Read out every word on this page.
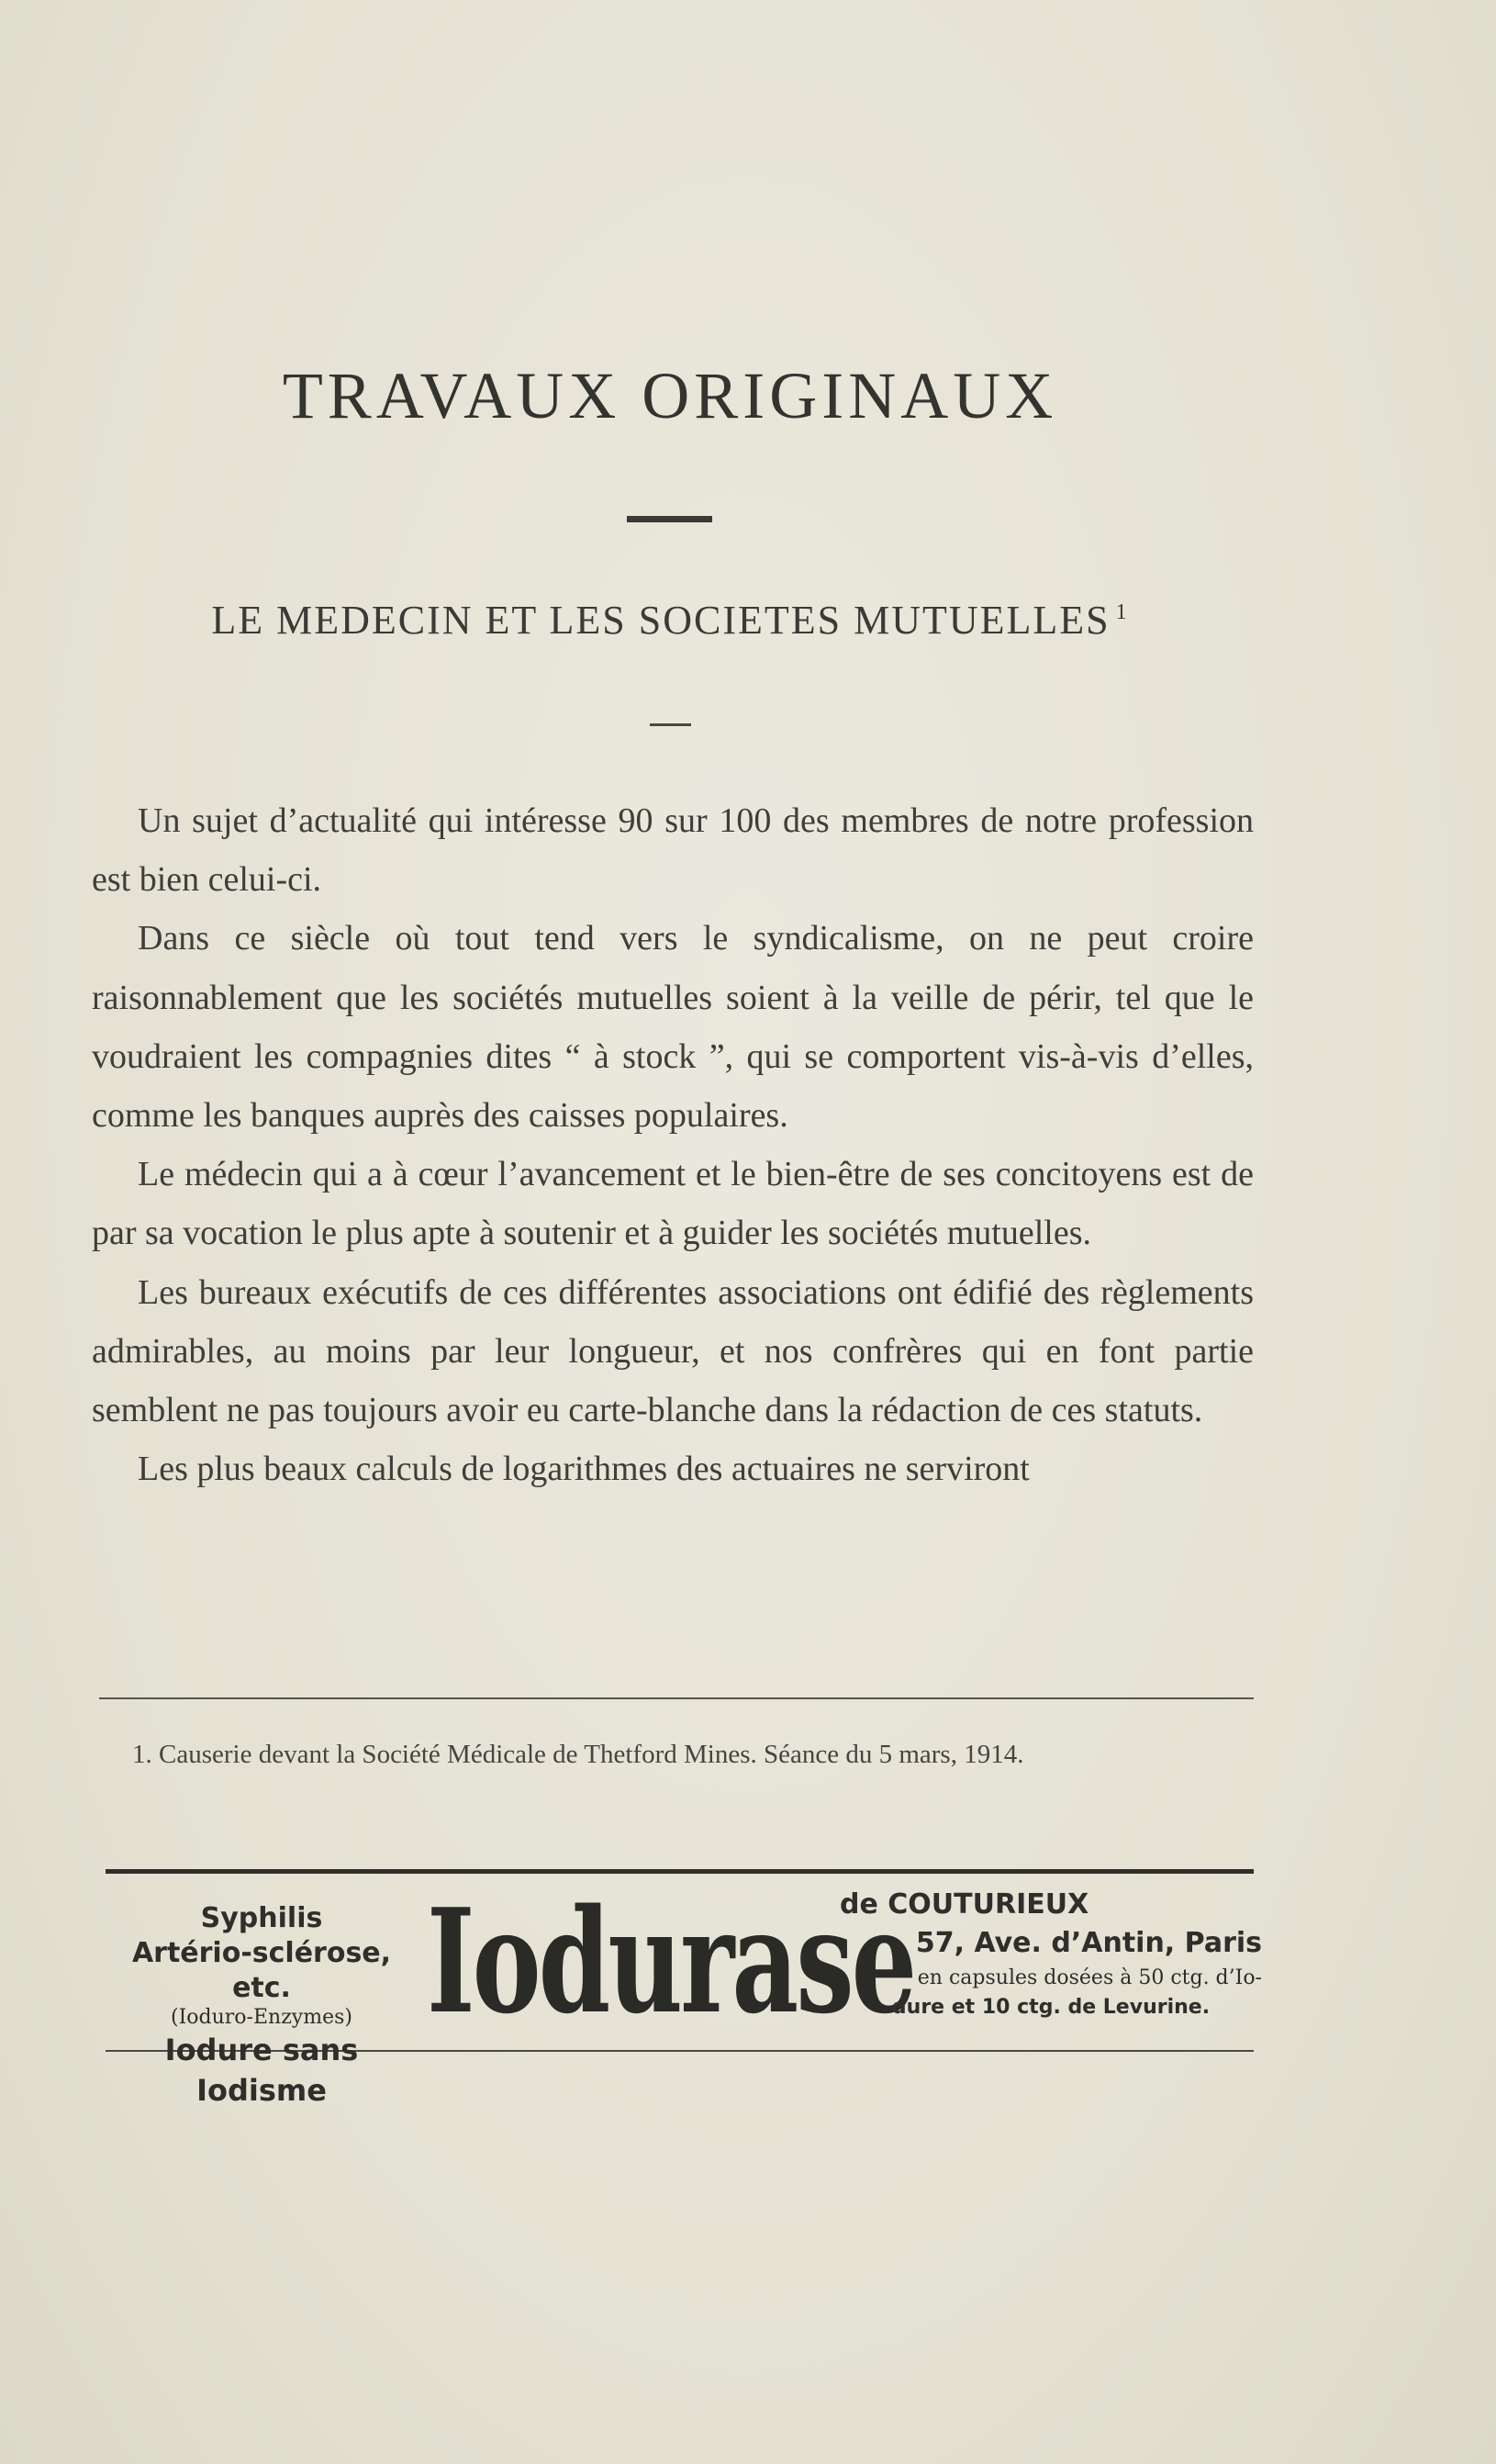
TRAVAUX ORIGINAUX
LE MEDECIN ET LES SOCIETES MUTUELLES $^1$

Un sujet d’actualité qui intéresse 90 sur 100 des membres de notre profession est bien celui-ci.

Dans ce siècle où tout tend vers le syndicalisme, on ne peut croire raisonnablement que les sociétés mutuelles soient à la veille de périr, tel que le voudraient les compagnies dites “ à stock ”, qui se comportent vis-à-vis d’elles, comme les banques auprès des caisses populaires.

Le médecin qui a à cœur l’avancement et le bien-être de ses concitoyens est de par sa vocation le plus apte à soutenir et à guider les sociétés mutuelles.

Les bureaux exécutifs de ces différentes associations ont édifié des règlements admirables, au moins par leur longueur, et nos confrères qui en font partie semblent ne pas toujours avoir eu carte-blanche dans la rédaction de ces statuts.

Les plus beaux calculs de logarithmes des actuaires ne serviront

1. Causerie devant la Société Médicale de Thetford Mines. Séance du 5 mars, 1914.
Syphilis
Artério-sclérose, etc.
(Ioduro-Enzymes)
Iodure sans Iodisme
Iodurase
de COUTURIEUX
57, Ave. d’Antin, Paris
en capsules dosées à 50 ctg. d’Io-
dure et 10 ctg. de Levurine.
